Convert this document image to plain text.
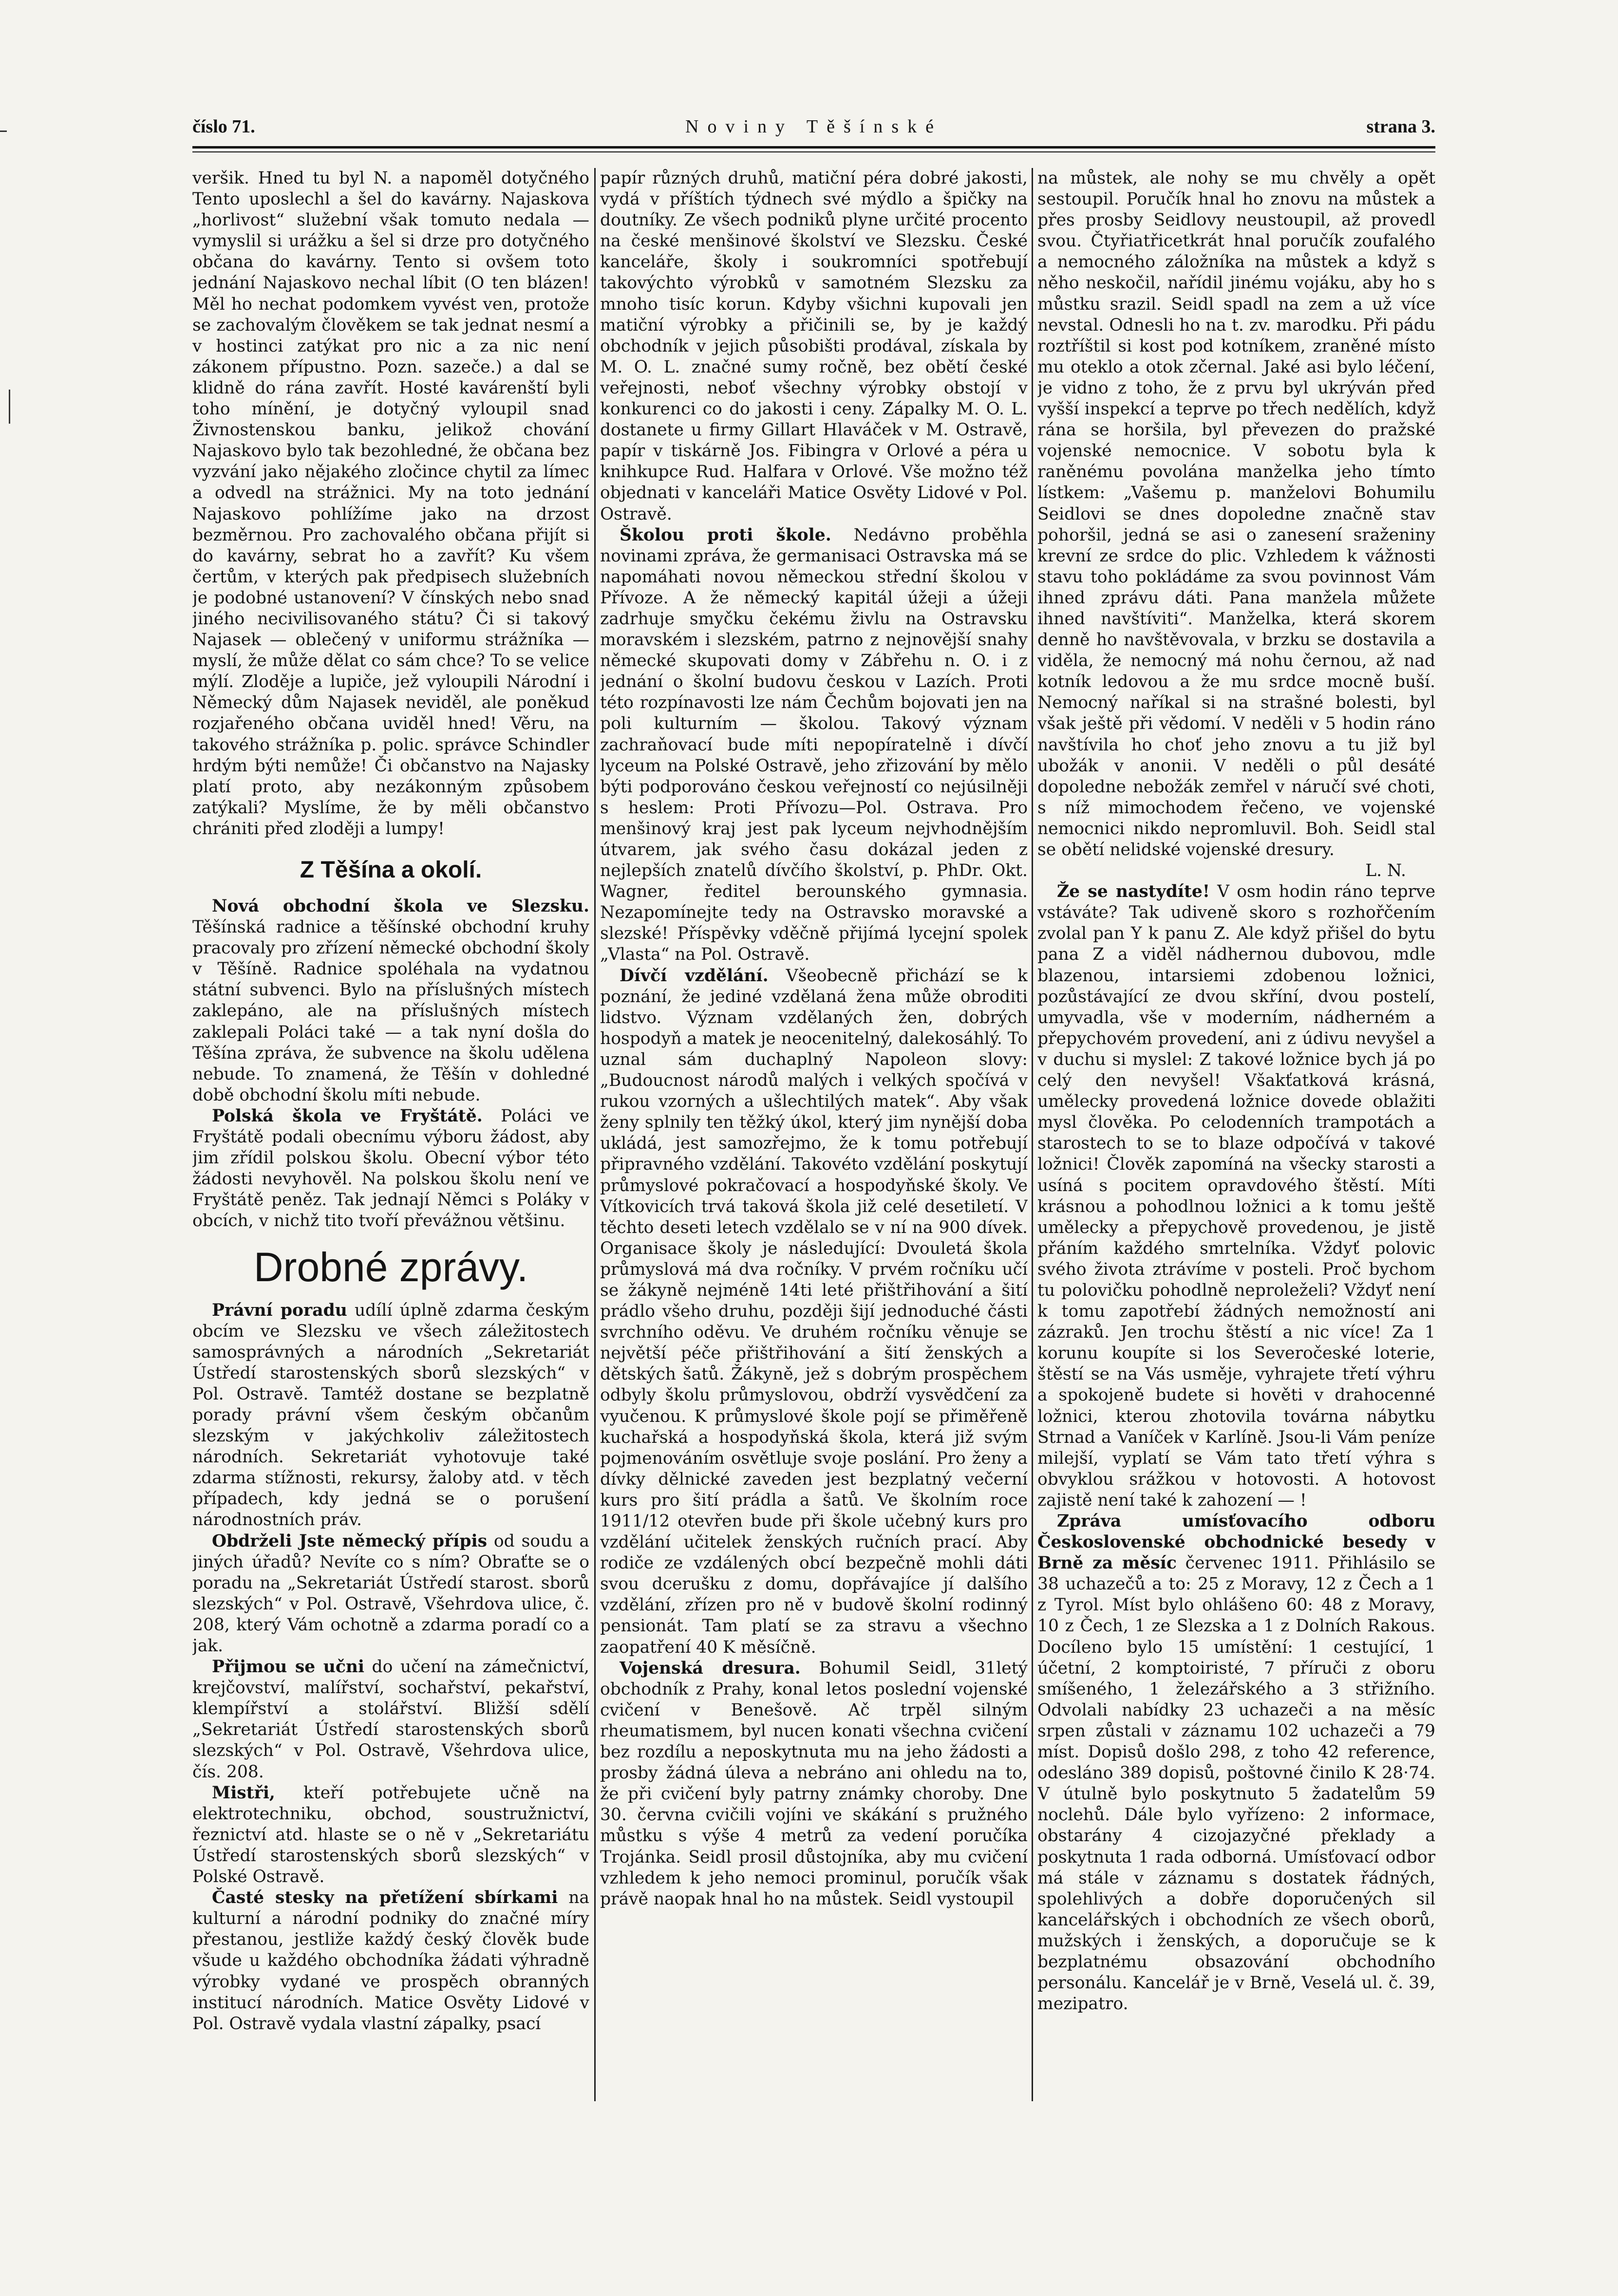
číslo 71.	Noviny Těšínské	strana 3.

veršik. Hned tu byl N. a napoměl dotyčného Tento uposlechl a šel do kavárny. Najaskova „horlivost“ služební však tomuto nedala — vymyslil si urážku a šel si drze pro dotyčného občana do kavárny. Tento si ovšem toto jednání Najaskovo nechal líbit (O ten blázen! Měl ho nechat podomkem vyvést ven, protože se zachovalým člověkem se tak jednat nesmí a v hostinci zatýkat pro nic a za nic není zákonem přípustno. Pozn. sazeče.) a dal se klidně do rána zavřít. Hosté kavárenští byli toho mínění, je dotyčný vyloupil snad Živnostenskou banku, jelikož chování Najaskovo bylo tak bezohledné, že občana bez vyzvání jako nějakého zločince chytil za límec a odvedl na strážnici. My na toto jednání Najaskovo pohlížíme jako na drzost bezměrnou. Pro zachovalého občana přijít si do kavárny, sebrat ho a zavřít? Ku všem čertům, v kterých pak předpisech služebních je podobné ustanovení? V čínských nebo snad jiného necivilisovaného státu? Či si takový Najasek — oblečený v uniformu strážníka — myslí, že může dělat co sám chce? To se velice mýlí. Zloděje a lupiče, jež vyloupili Národní i Německý dům Najasek neviděl, ale poněkud rozjařeného občana uviděl hned! Věru, na takového strážníka p. polic. správce Schindler hrdým býti nemůže! Či občanstvo na Najasky platí proto, aby nezákonným způsobem zatýkali? Myslíme, že by měli občanstvo chrániti před zloději a lumpy!

Z Těšína a okolí.

Nová obchodní škola ve Slezsku. Těšínská radnice a těšínské obchodní kruhy pracovaly pro zřízení německé obchodní školy v Těšíně. Radnice spoléhala na vydatnou státní subvenci. Bylo na příslušných místech zaklepáno, ale na příslušných místech zaklepali Poláci také — a tak nyní došla do Těšína zpráva, že subvence na školu udělena nebude. To znamená, že Těšín v dohledné době obchodní školu míti nebude.

Polská škola ve Fryštátě. Poláci ve Fryštátě podali obecnímu výboru žádost, aby jim zřídil polskou školu. Obecní výbor této žádosti nevyhověl. Na polskou školu není ve Fryštátě peněz. Tak jednají Němci s Poláky v obcích, v nichž tito tvoří převážnou většinu.

Drobné zprávy.

Právní poradu udílí úplně zdarma českým obcím ve Slezsku ve všech záležitostech samosprávných a národních „Sekretariát Ústředí starostenských sborů slezských“ v Pol. Ostravě. Tamtéž dostane se bezplatně porady právní všem českým občanům slezským v jakýchkoliv záležitostech národních. Sekretariát vyhotovuje také zdarma stížnosti, rekursy, žaloby atd. v těch případech, kdy jedná se o porušení národnostních práv.

Obdrželi Jste německý přípis od soudu a jiných úřadů? Nevíte co s ním? Obraťte se o poradu na „Sekretariát Ústředí starost. sborů slezských“ v Pol. Ostravě, Všehrdova ulice, č. 208, který Vám ochotně a zdarma poradí co a jak.

Přijmou se učni do učení na zámečnictví, krejčovství, malířství, sochařství, pekařství, klempířství a stolářství. Bližší sdělí „Sekretariát Ústředí starostenských sborů slezských“ v Pol. Ostravě, Všehrdova ulice, čís. 208.

Mistři, kteří potřebujete učně na elektrotechniku, obchod, soustružnictví, řeznictví atd. hlaste se o ně v „Sekretariátu Ústředí starostenských sborů slezských“ v Polské Ostravě.

Časté stesky na přetížení sbírkami na kulturní a národní podniky do značné míry přestanou, jestliže každý český člověk bude všude u každého obchodníka žádati výhradně výrobky vydané ve prospěch obranných institucí národních. Matice Osvěty Lidové v Pol. Ostravě vydala vlastní zápalky, psací

papír různých druhů, matiční péra dobré jakosti, vydá v příštích týdnech své mýdlo a špičky na doutníky. Ze všech podniků plyne určité procento na české menšinové školství ve Slezsku. České kanceláře, školy i soukromníci spotřebují takovýchto výrobků v samotném Slezsku za mnoho tisíc korun. Kdyby všichni kupovali jen matiční výrobky a přičinili se, by je každý obchodník v jejich působišti prodával, získala by M. O. L. značné sumy ročně, bez obětí české veřejnosti, neboť všechny výrobky obstojí v konkurenci co do jakosti i ceny. Zápalky M. O. L. dostanete u firmy Gillart Hlaváček v M. Ostravě, papír v tiskárně Jos. Fibingra v Orlové a péra u knihkupce Rud. Halfara v Orlové. Vše možno též objednati v kanceláři Matice Osvěty Lidové v Pol. Ostravě.

Školou proti škole. Nedávno proběhla novinami zpráva, že germanisaci Ostravska má se napomáhati novou německou střední školou v Přívoze. A že německý kapitál úžeji a úžeji zadrhuje smyčku čekému živlu na Ostravsku moravském i slezském, patrno z nejnovější snahy německé skupovati domy v Zábřehu n. O. i z jednání o školní budovu českou v Lazích. Proti této rozpínavosti lze nám Čechům bojovati jen na poli kulturním — školou. Takový význam zachraňovací bude míti nepopíratelně i dívčí lyceum na Polské Ostravě, jeho zřizování by mělo býti podporováno českou veřejností co nejúsilněji s heslem: Proti Přívozu—Pol. Ostrava. Pro menšinový kraj jest pak lyceum nejvhodnějším útvarem, jak svého času dokázal jeden z nejlepších znatelů dívčího školství, p. PhDr. Okt. Wagner, ředitel berounského gymnasia. Nezapomínejte tedy na Ostravsko moravské a slezské! Příspěvky vděčně přijímá lycejní spolek „Vlasta“ na Pol. Ostravě.

Dívčí vzdělání. Všeobecně přichází se k poznání, že jediné vzdělaná žena může obroditi lidstvo. Význam vzdělaných žen, dobrých hospodyň a matek je neocenitelný, dalekosáhlý. To uznal sám duchaplný Napoleon slovy: „Budoucnost národů malých i velkých spočívá v rukou vzorných a ušlechtilých matek“. Aby však ženy splnily ten těžký úkol, který jim nynější doba ukládá, jest samozřejmo, že k tomu potřebují připravného vzdělání. Takovéto vzdělání poskytují průmyslové pokračovací a hospodyňské školy. Ve Vítkovicích trvá taková škola již celé desetiletí. V těchto deseti letech vzdělalo se v ní na 900 dívek. Organisace školy je následující: Dvouletá škola průmyslová má dva ročníky. V prvém ročníku učí se žákyně nejméně 14ti leté přištřihování a šití prádlo všeho druhu, později šijí jednoduché části svrchního oděvu. Ve druhém ročníku věnuje se největší péče přištřihování a šití ženských a dětských šatů. Žákyně, jež s dobrým prospěchem odbyly školu průmyslovou, obdrží vysvědčení za vyučenou. K průmyslové škole pojí se přiměřeně kuchařská a hospodyňská škola, která již svým pojmenováním osvětluje svoje poslání. Pro ženy a dívky dělnické zaveden jest bezplatný večerní kurs pro šití prádla a šatů. Ve školním roce 1911/12 otevřen bude při škole učebný kurs pro vzdělání učitelek ženských ručních prací. Aby rodiče ze vzdálených obcí bezpečně mohli dáti svou dcerušku z domu, dopřávajíce jí dalšího vzdělání, zřízen pro ně v budově školní rodinný pensionát. Tam platí se za stravu a všechno zaopatření 40 K měsíčně.

Vojenská dresura. Bohumil Seidl, 31letý obchodník z Prahy, konal letos poslední vojenské cvičení v Benešově. Ač trpěl silným rheumatismem, byl nucen konati všechna cvičení bez rozdílu a neposkytnuta mu na jeho žádosti a prosby žádná úleva a nebráno ani ohledu na to, že při cvičení byly patrny známky choroby. Dne 30. června cvičili vojíni ve skákání s pružného můstku s výše 4 metrů za vedení poručíka Trojánka. Seidl prosil důstojníka, aby mu cvičení vzhledem k jeho nemoci prominul, poručík však právě naopak hnal ho na můstek. Seidl vystoupil

na můstek, ale nohy se mu chvěly a opět sestoupil. Poručík hnal ho znovu na můstek a přes prosby Seidlovy neustoupil, až provedl svou. Čtyřiatřicetkrát hnal poručík zoufalého a nemocného záložníka na můstek a když s něho neskočil, nařídil jinému vojáku, aby ho s můstku srazil. Seidl spadl na zem a už více nevstal. Odnesli ho na t. zv. marodku. Při pádu roztříštil si kost pod kotníkem, zraněné místo mu oteklo a otok zčernal. Jaké asi bylo léčení, je vidno z toho, že z prvu byl ukrýván před vyšší inspekcí a teprve po třech nedělích, když rána se horšila, byl převezen do pražské vojenské nemocnice. V sobotu byla k raněnému povolána manželka jeho tímto lístkem: „Vašemu p. manželovi Bohumilu Seidlovi se dnes dopoledne značně stav pohoršil, jedná se asi o zanesení sraženiny krevní ze srdce do plic. Vzhledem k vážnosti stavu toho pokládáme za svou povinnost Vám ihned zprávu dáti. Pana manžela můžete ihned navštíviti“. Manželka, která skorem denně ho navštěvovala, v brzku se dostavila a viděla, že nemocný má nohu černou, až nad kotník ledovou a že mu srdce mocně buší. Nemocný naříkal si na strašné bolesti, byl však ještě při vědomí. V neděli v 5 hodin ráno navštívila ho choť jeho znovu a tu již byl ubožák v anonii. V neděli o půl desáté dopoledne nebožák zemřel v náručí své choti, s níž mimochodem řečeno, ve vojenské nemocnici nikdo nepromluvil. Boh. Seidl stal se obětí nelidské vojenské dresury.

L. N.

Že se nastydíte! V osm hodin ráno teprve vstáváte? Tak udiveně skoro s rozhořčením zvolal pan Y k panu Z. Ale když přišel do bytu pana Z a viděl nádhernou dubovou, mdle blazenou, intarsiemi zdobenou ložnici, pozůstávající ze dvou skříní, dvou postelí, umyvadla, vše v moderním, nádherném a přepychovém provedení, ani z údivu nevyšel a v duchu si myslel: Z takové ložnice bych já po celý den nevyšel! Všakťatková krásná, umělecky provedená ložnice dovede oblažiti mysl člověka. Po celodenních trampotách a starostech to se to blaze odpočívá v takové ložnici! Člověk zapomíná na všecky starosti a usíná s pocitem opravdového štěstí. Míti krásnou a pohodlnou ložnici a k tomu ještě umělecky a přepychově provedenou, je jistě přáním každého smrtelníka. Vždyť polovic svého života ztrávíme v posteli. Proč bychom tu polovičku pohodlně neproleželi? Vždyť není k tomu zapotřebí žádných nemožností ani zázraků. Jen trochu štěstí a nic více! Za 1 korunu koupíte si los Severočeské loterie, štěstí se na Vás usměje, vyhrajete třetí výhru a spokojeně budete si hověti v drahocenné ložnici, kterou zhotovila továrna nábytku Strnad a Vaníček v Karlíně. Jsou-li Vám peníze milejší, vyplatí se Vám tato třetí výhra s obvyklou srážkou v hotovosti. A hotovost zajistě není také k zahození — !

Zpráva umísťovacího odboru Československé obchodnické besedy v Brně za měsíc červenec 1911. Přihlásilo se 38 uchazečů a to: 25 z Moravy, 12 z Čech a 1 z Tyrol. Míst bylo ohlášeno 60: 48 z Moravy, 10 z Čech, 1 ze Slezska a 1 z Dolních Rakous. Docíleno bylo 15 umístění: 1 cestující, 1 účetní, 2 komptoiristé, 7 příruči z oboru smíšeného, 1 železářského a 3 střižního. Odvolali nabídky 23 uchazeči a na měsíc srpen zůstali v záznamu 102 uchazeči a 79 míst. Dopisů došlo 298, z toho 42 reference, odesláno 389 dopisů, poštovné činilo K 28·74. V útulně bylo poskytnuto 5 žadatelům 59 noclehů. Dále bylo vyřízeno: 2 informace, obstarány 4 cizojazyčné překlady a poskytnuta 1 rada odborná. Umísťovací odbor má stále v záznamu s dostatek řádných, spolehlivých a dobře doporučených sil kancelářských i obchodních ze všech oborů, mužských i ženských, a doporučuje se k bezplatnému obsazování obchodního personálu. Kancelář je v Brně, Veselá ul. č. 39, mezipatro.
